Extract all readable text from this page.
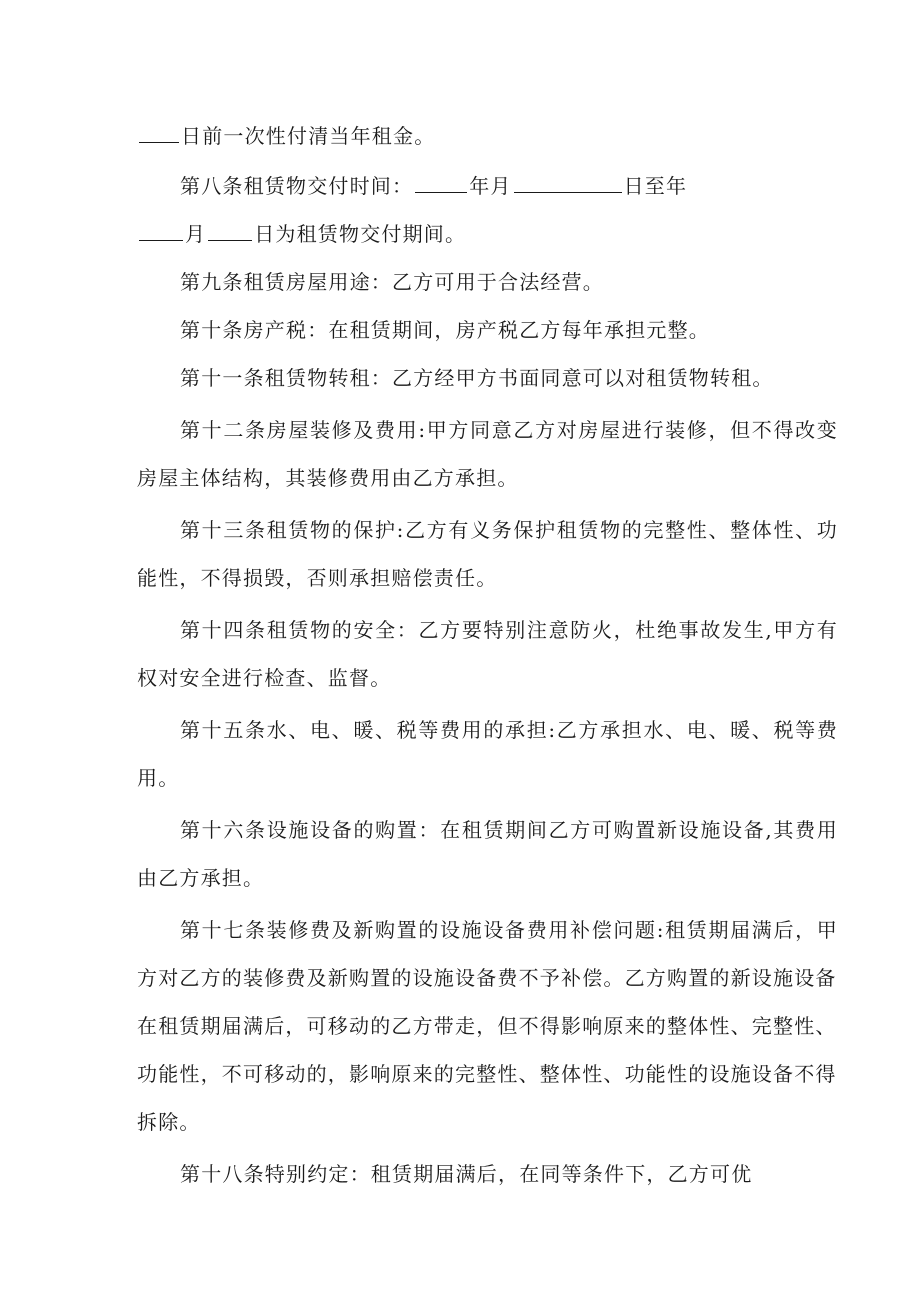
日前一次性付清当年租金。
第八条租赁物交付时间：	年月	日至年
月 日为租赁物交付期间。
第九条租赁房屋用途：乙方可用于合法经营。
第十条房产税：在租赁期间，房产税乙方每年承担元整。
第十一条租赁物转租：乙方经甲方书面同意可以对租赁物转租。
第十二条房屋装修及费用:甲方同意乙方对房屋进行装修，但不得改变
房屋主体结构，其装修费用由乙方承担。
第十三条租赁物的保护:乙方有义务保护租赁物的完整性、整体性、功
能性，不得损毁，否则承担赔偿责任。
第十四条租赁物的安全：乙方要特别注意防火，杜绝事故发生,甲方有
权对安全进行检查、监督。
第十五条水、电、暖、税等费用的承担:乙方承担水、电、暖、税等费
用。
第十六条设施设备的购置：在租赁期间乙方可购置新设施设备,其费用
由乙方承担。
第十七条装修费及新购置的设施设备费用补偿问题:租赁期届满后，甲
方对乙方的装修费及新购置的设施设备费不予补偿。乙方购置的新设施设备
在租赁期届满后，可移动的乙方带走，但不得影响原来的整体性、完整性、
功能性，不可移动的，影响原来的完整性、整体性、功能性的设施设备不得
拆除。
第十八条特别约定：租赁期届满后，在同等条件下，乙方可优
